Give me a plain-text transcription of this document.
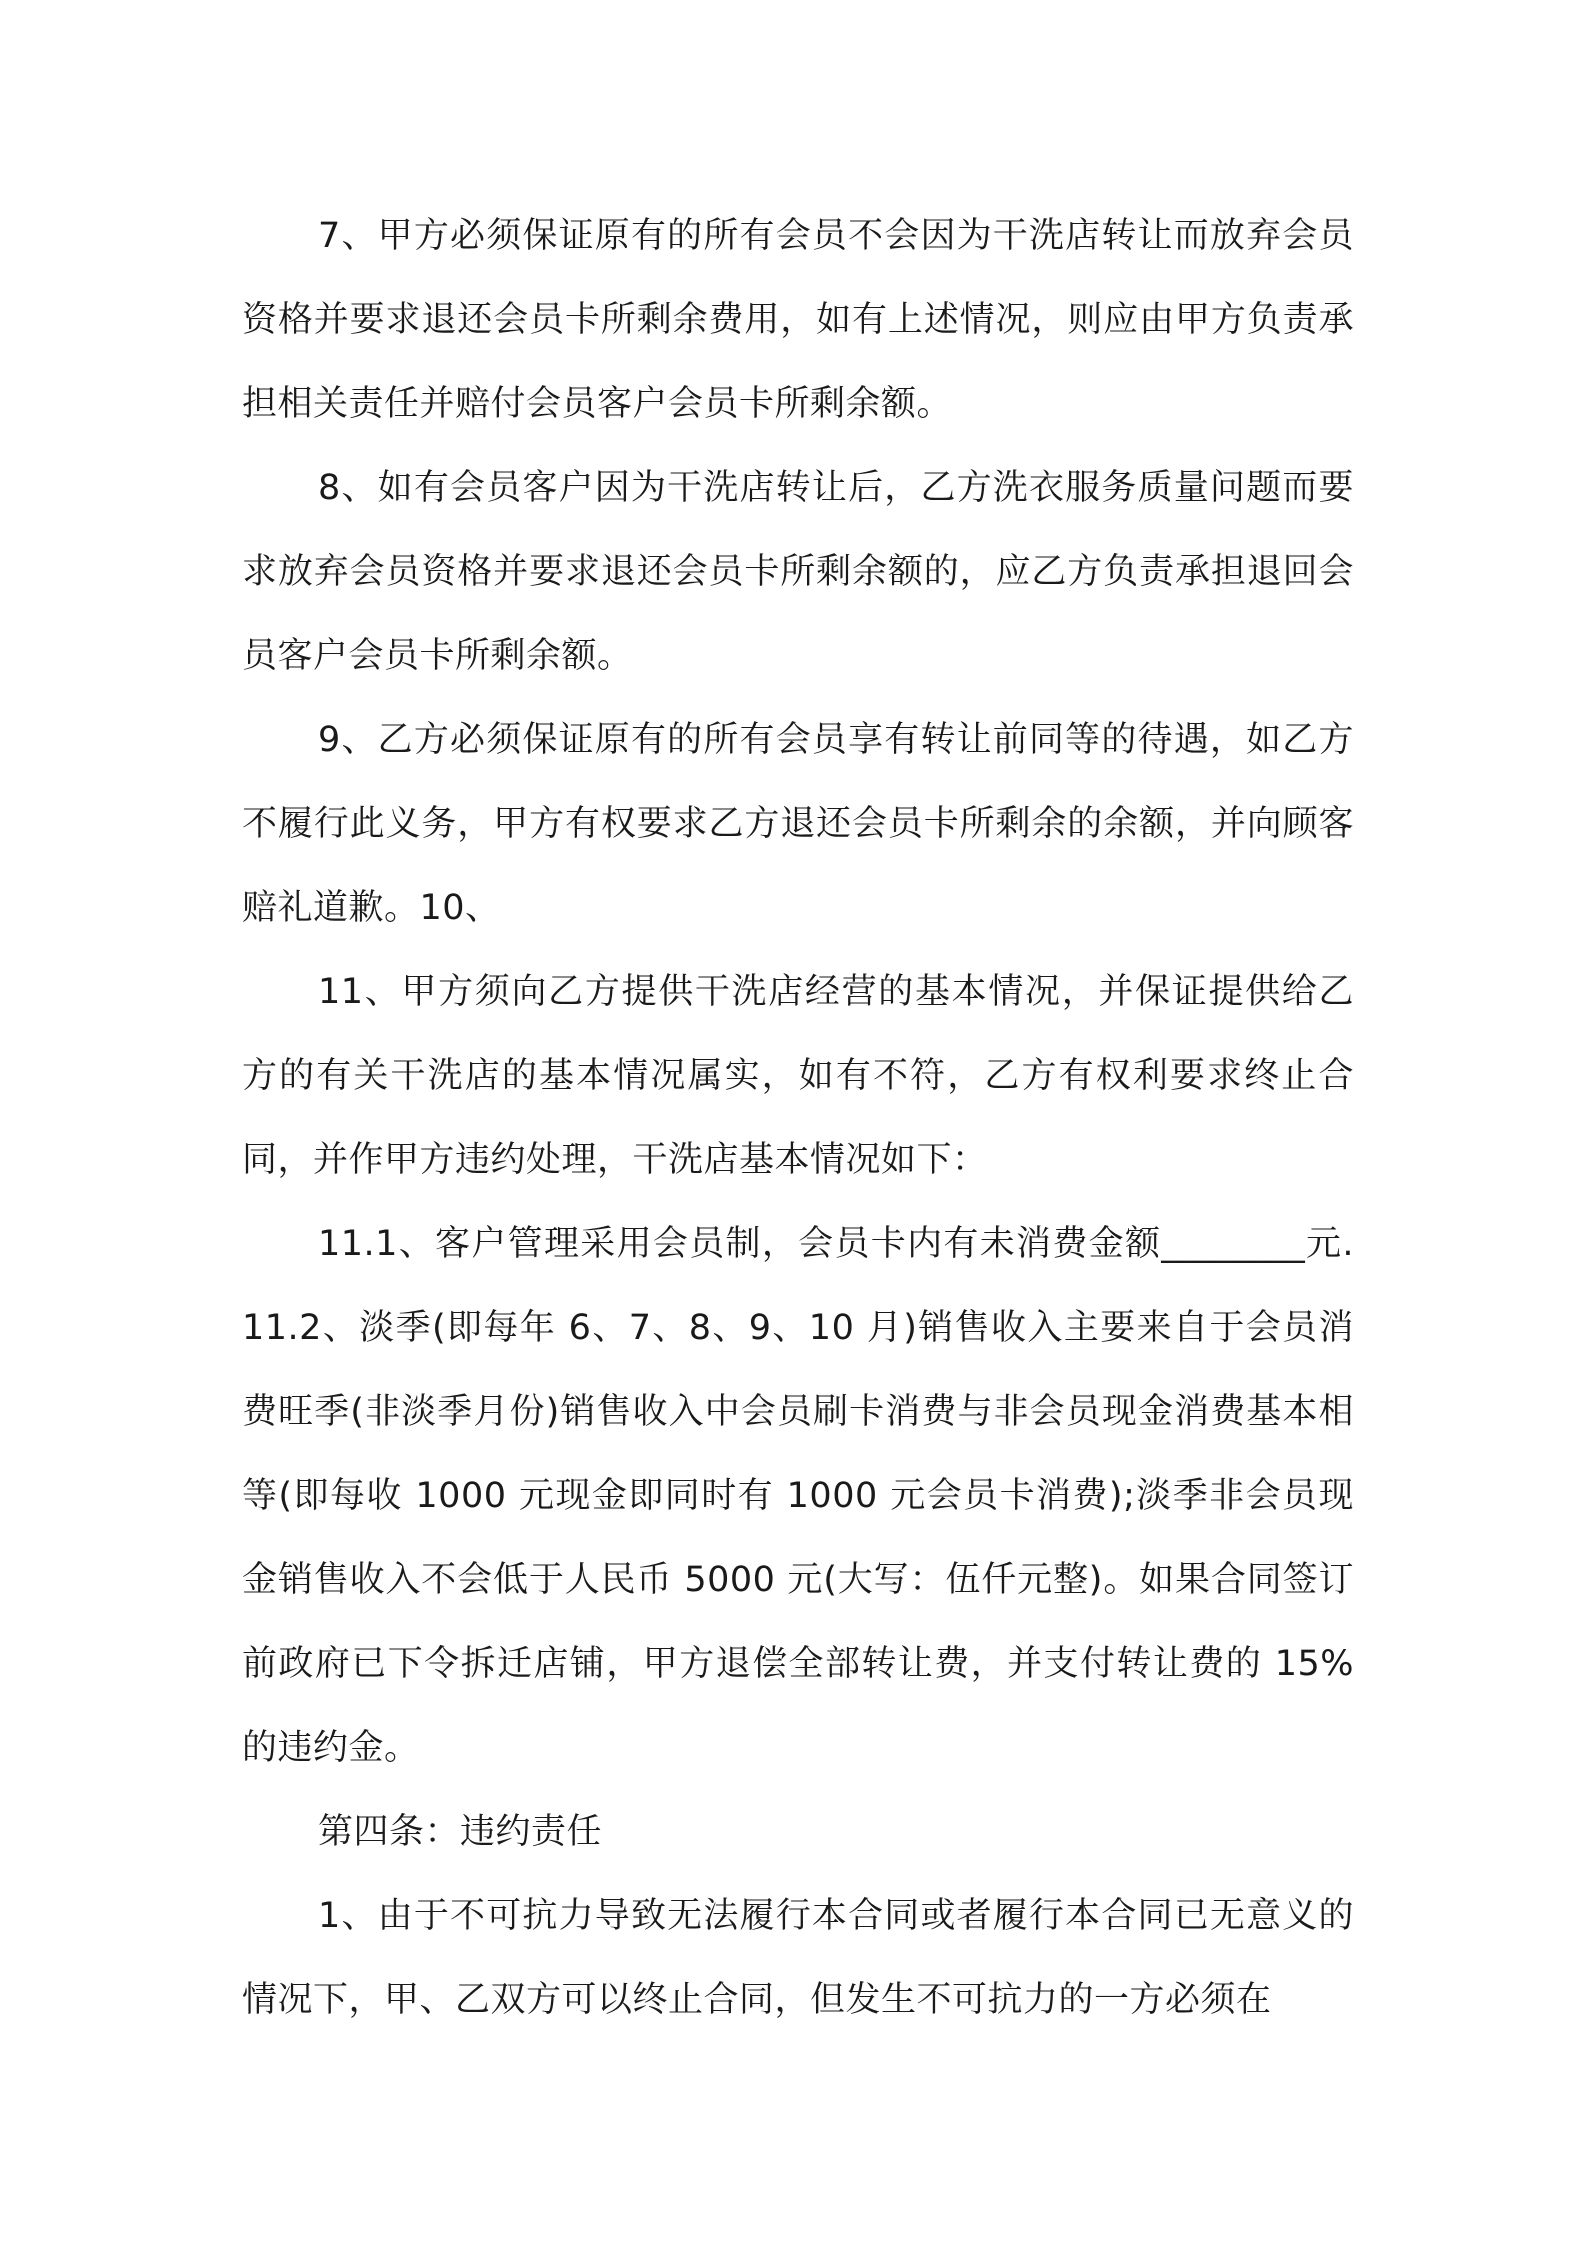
7、甲方必须保证原有的所有会员不会因为干洗店转让而放弃会员资格并要求退还会员卡所剩余费用，如有上述情况，则应由甲方负责承担相关责任并赔付会员客户会员卡所剩余额。

8、如有会员客户因为干洗店转让后，乙方洗衣服务质量问题而要求放弃会员资格并要求退还会员卡所剩余额的，应乙方负责承担退回会员客户会员卡所剩余额。

9、乙方必须保证原有的所有会员享有转让前同等的待遇，如乙方不履行此义务，甲方有权要求乙方退还会员卡所剩余的余额，并向顾客赔礼道歉。10、

11、甲方须向乙方提供干洗店经营的基本情况，并保证提供给乙方的有关干洗店的基本情况属实，如有不符，乙方有权利要求终止合同，并作甲方违约处理，干洗店基本情况如下：

11.1、客户管理采用会员制，会员卡内有未消费金额________元.11.2、淡季(即每年 6、7、8、9、10 月)销售收入主要来自于会员消费旺季(非淡季月份)销售收入中会员刷卡消费与非会员现金消费基本相等(即每收 1000 元现金即同时有 1000 元会员卡消费);淡季非会员现金销售收入不会低于人民币 5000 元(大写：伍仟元整)。如果合同签订前政府已下令拆迁店铺，甲方退偿全部转让费，并支付转让费的 15%的违约金。

第四条：违约责任

1、由于不可抗力导致无法履行本合同或者履行本合同已无意义的情况下，甲、乙双方可以终止合同，但发生不可抗力的一方必须在
